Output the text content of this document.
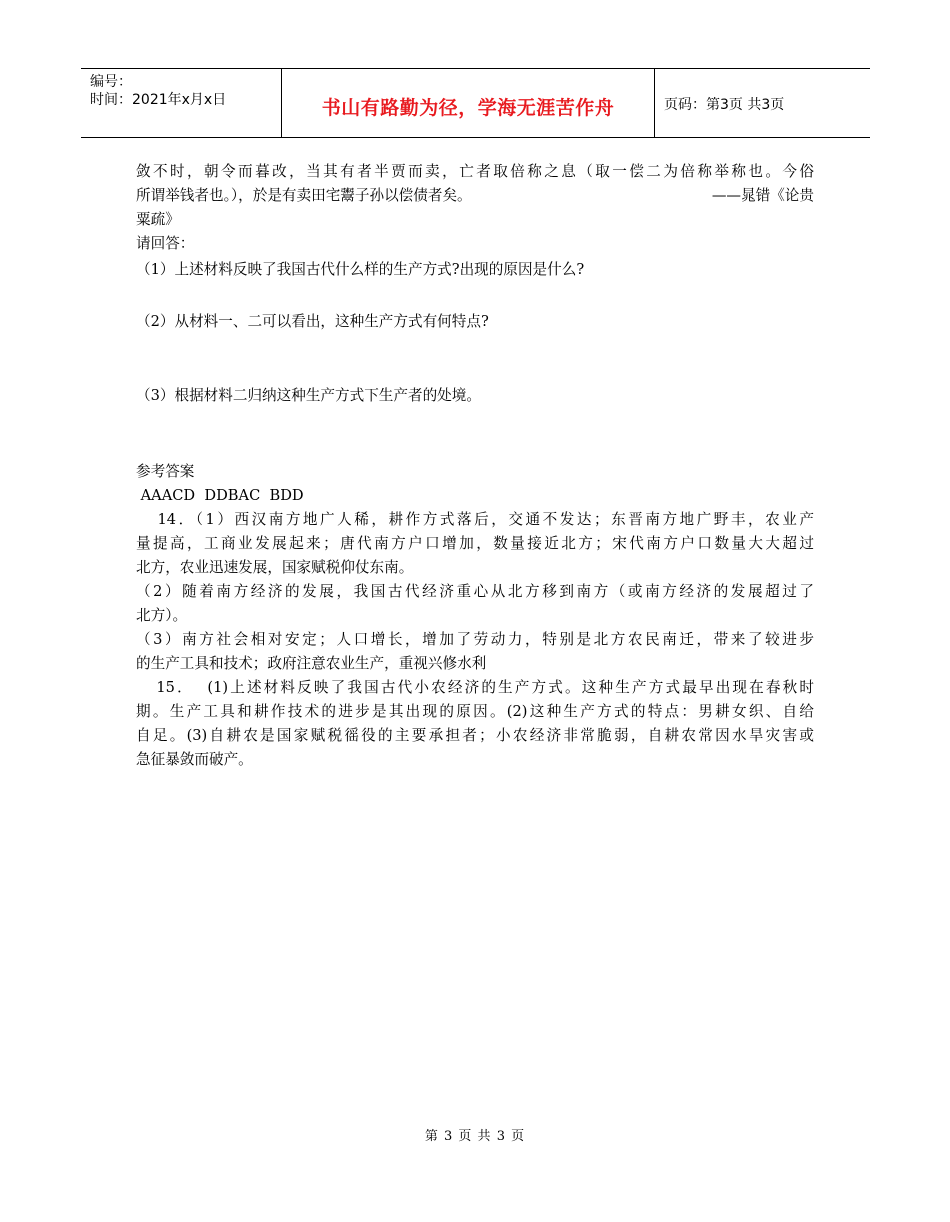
编号：
时间：2021年x月x日	书山有路勤为径，学海无涯苦作舟	页码：第3页 共3页
敛不时，朝令而暮改，当其有者半贾而卖，亡者取倍称之息（取一偿二为倍称举称也。今俗
所谓举钱者也。），於是有卖田宅鬻子孙以偿债者矣。	——晁错《论贵
粟疏》
请回答：
（1）上述材料反映了我国古代什么样的生产方式?出现的原因是什么?
（2）从材料一、二可以看出，这种生产方式有何特点?
（3）根据材料二归纳这种生产方式下生产者的处境。
参考答案
AAACD  DDBAC  BDD
14．（1）西汉南方地广人稀，耕作方式落后，交通不发达；东晋南方地广野丰，农业产
量提高，工商业发展起来；唐代南方户口增加，数量接近北方；宋代南方户口数量大大超过
北方，农业迅速发展，国家赋税仰仗东南。
（2）随着南方经济的发展，我国古代经济重心从北方移到南方（或南方经济的发展超过了
北方）。
（3）南方社会相对安定；人口增长，增加了劳动力，特别是北方农民南迁，带来了较进步
的生产工具和技术；政府注意农业生产，重视兴修水利
15．  (1)上述材料反映了我国古代小农经济的生产方式。这种生产方式最早出现在春秋时
期。生产工具和耕作技术的进步是其出现的原因。(2)这种生产方式的特点：男耕女织、自给
自足。(3)自耕农是国家赋税徭役的主要承担者；小农经济非常脆弱，自耕农常因水旱灾害或
急征暴敛而破产。
第 3 页 共 3 页
